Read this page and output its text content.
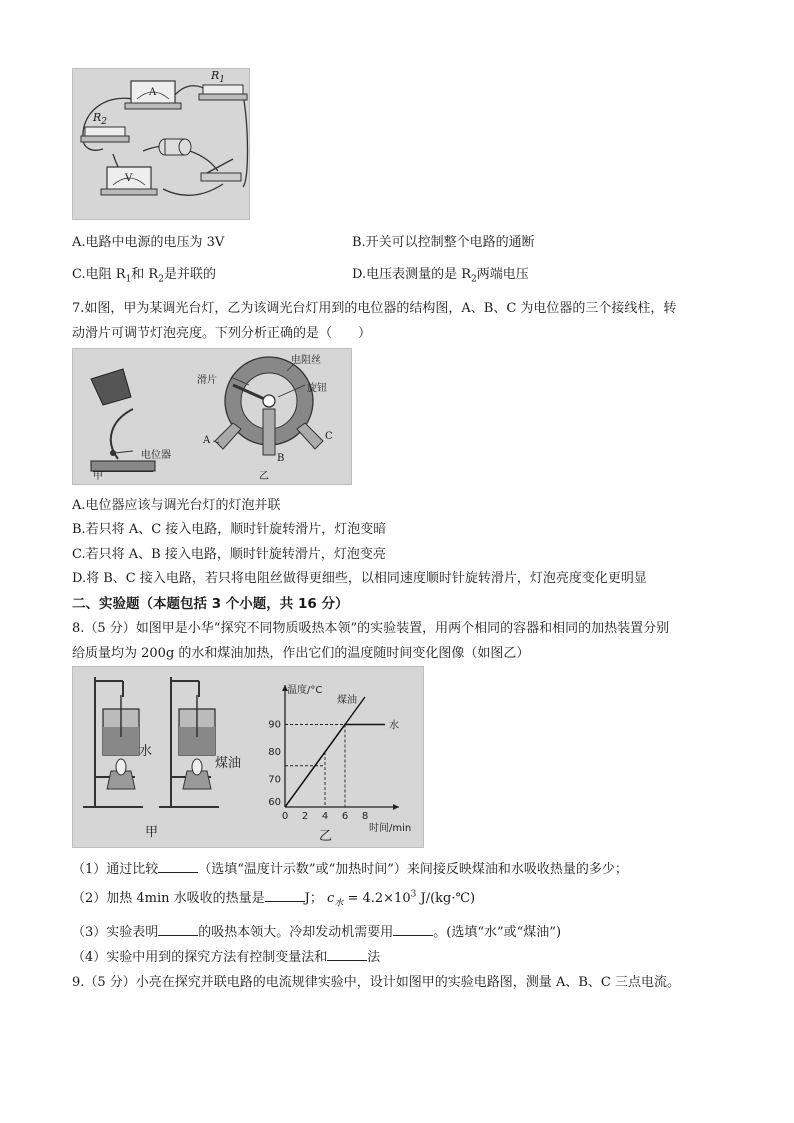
A
V
$R_1$
$R_2$
A.电路中电源的电压为 3V	B.开关可以控制整个电路的通断
C.电阻 $R_1$和 $R_2$是并联的	D.电压表测量的是 $R_2$两端电压
7.如图，甲为某调光台灯，乙为该调光台灯用到的电位器的结构图，A、B、C 为电位器的三个接线柱，转
动滑片可调节灯泡亮度。下列分析正确的是（　　）
电位器
甲	乙
滑片
电阻丝
旋钮
A
B
C
A.电位器应该与调光台灯的灯泡并联
B.若只将 A、C 接入电路，顺时针旋转滑片，灯泡变暗
C.若只将 A、B 接入电路，顺时针旋转滑片，灯泡变亮
D.将 B、C 接入电路，若只将电阻丝做得更细些，以相同速度顺时针旋转滑片，灯泡亮度变化更明显
二、实验题（本题包括 3 个小题，共 16 分）
8.（5 分）如图甲是小华“探究不同物质吸热本领”的实验装置，用两个相同的容器和相同的加热装置分别
给质量均为 200g 的水和煤油加热，作出它们的温度随时间变化图像（如图乙）
0 2 4 6 8
60
70
80
90
温度/°C
时间/min
煤油
水
水
煤油
甲	乙
（1）通过比较	（选填“温度计示数”或“加热时间”）来间接反映煤油和水吸收热量的多少；
（2）加热 4min 水吸收的热量是	J； $c_水 = 4.2\times 10^3$ J/(kg·℃)
（3）实验表明	的吸热本领大。冷却发动机需要用	。(选填“水”或“煤油”)
（4）实验中用到的探究方法有控制变量法和	法
9.（5 分）小亮在探究并联电路的电流规律实验中，设计如图甲的实验电路图，测量 A、B、C 三点电流。
